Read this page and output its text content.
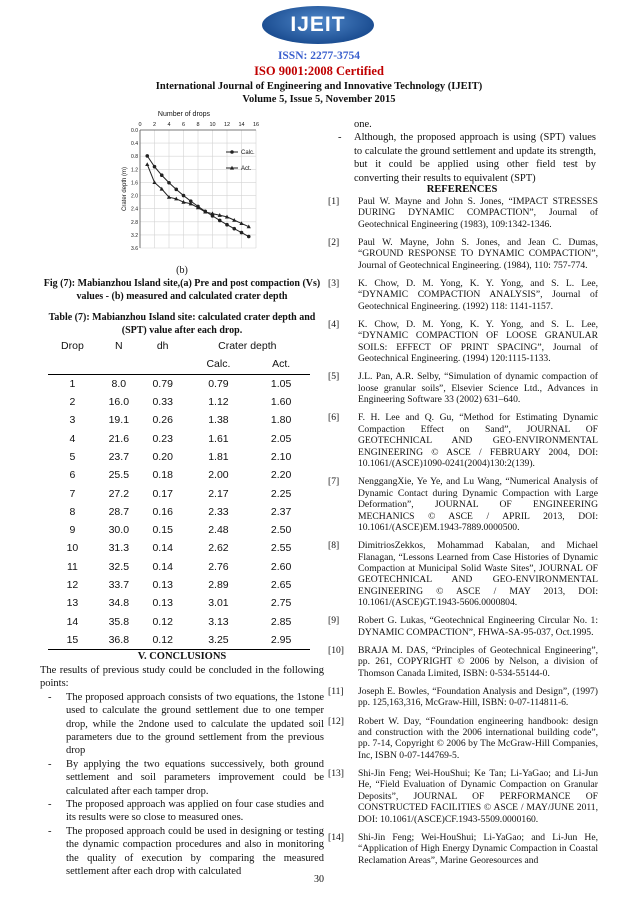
IJEIT
ISSN: 2277-3754
ISO 9001:2008 Certified
International Journal of Engineering and Innovative Technology (IJEIT)
Volume 5, Issue 5, November 2015
Number of drops
0 2 4 6 8 10 12 14 16
0.0
0.4
0.8
1.2
1.6
2.0
2.4
2.8
3.2
3.6
Crater depth (m)
Calc.
Act.
(b)
Fig (7): Mabianzhou Island site,(a) Pre and post compaction (Vs) values - (b) measured and calculated crater depth
Table (7): Mabianzhou Island site: calculated crater depth and (SPT) value after each drop.
Drop	N	dh	Crater depth	
			Calc.	Act.
1	8.0	0.79	0.79	1.05
2	16.0	0.33	1.12	1.60
3	19.1	0.26	1.38	1.80
4	21.6	0.23	1.61	2.05
5	23.7	0.20	1.81	2.10
6	25.5	0.18	2.00	2.20
7	27.2	0.17	2.17	2.25
8	28.7	0.16	2.33	2.37
9	30.0	0.15	2.48	2.50
10	31.3	0.14	2.62	2.55
11	32.5	0.14	2.76	2.60
12	33.7	0.13	2.89	2.65
13	34.8	0.13	3.01	2.75
14	35.8	0.12	3.13	2.85
15	36.8	0.12	3.25	2.95
V. CONCLUSIONS

The results of previous study could be concluded in the following points:

- The proposed approach consists of two equations, the 1stone used to calculate the ground settlement due to one temper drop, while the 2ndone used to calculate the updated soil parameters due to the ground settlement from the previous drop
- By applying the two equations successively, both ground settlement and soil parameters improvement could be calculated after each tamper drop.
- The proposed approach was applied on four case studies and its results were so close to measured ones.
- The proposed approach could be used in designing or testing the dynamic compaction procedures and also in monitoring the quality of execution by comparing the measured settlement after each drop with calculated
one.
- Although, the proposed approach is using (SPT) values to calculate the ground settlement and update its strength, but it could be applied using other field test by converting their results to equivalent (SPT)
REFERENCES
[1] Paul W. Mayne and John S. Jones, “IMPACT STRESSES DURING DYNAMIC COMPACTION”, Journal of Geotechnical Engineering (1983), 109:1342-1346.
[2] Paul W. Mayne, John S. Jones, and Jean C. Dumas, “GROUND RESPONSE TO DYNAMIC COMPACTION”, Journal of Geotechnical Engineering. (1984), 110: 757-774.
[3] K. Chow, D. M. Yong, K. Y. Yong, and S. L. Lee, “DYNAMIC COMPACTION ANALYSIS”, Journal of Geotechnical Engineering. (1992) 118: 1141-1157.
[4] K. Chow, D. M. Yong, K. Y. Yong, and S. L. Lee, “DYNAMIC COMPACTION OF LOOSE GRANULAR SOILS: EFFECT OF PRINT SPACING”, Journal of Geotechnical Engineering. (1994) 120:1115-1133.
[5] J.L. Pan, A.R. Selby, “Simulation of dynamic compaction of loose granular soils”, Elsevier Science Ltd., Advances in Engineering Software 33 (2002) 631–640.
[6] F. H. Lee and Q. Gu, “Method for Estimating Dynamic Compaction Effect on Sand”, JOURNAL OF GEOTECHNICAL AND GEO-ENVIRONMENTAL ENGINEERING © ASCE / FEBRUARY 2004, DOI: 10.1061/(ASCE)1090-0241(2004)130:2(139).
[7] NenggangXie, Ye Ye, and Lu Wang, “Numerical Analysis of Dynamic Contact during Dynamic Compaction with Large Deformation”, JOURNAL OF ENGINEERING MECHANICS © ASCE / APRIL 2013, DOI: 10.1061/(ASCE)EM.1943-7889.0000500.
[8] DimitriosZekkos, Mohammad Kabalan, and Michael Flanagan, “Lessons Learned from Case Histories of Dynamic Compaction at Municipal Solid Waste Sites”, JOURNAL OF GEOTECHNICAL AND GEO-ENVIRONMENTAL ENGINEERING © ASCE / MAY 2013, DOI: 10.1061/(ASCE)GT.1943-5606.0000804.
[9] Robert G. Lukas, “Geotechnical Engineering Circular No. 1: DYNAMIC COMPACTION”, FHWA-SA-95-037, Oct.1995.
[10] BRAJA M. DAS, “Principles of Geotechnical Engineering”, pp. 261, COPYRIGHT © 2006 by Nelson, a division of Thomson Canada Limited, ISBN: 0-534-55144-0.
[11] Joseph E. Bowles, “Foundation Analysis and Design”, (1997) pp. 125,163,316, McGraw-Hill, ISBN: 0-07-114811-6.
[12] Robert W. Day, “Foundation engineering handbook: design and construction with the 2006 international building code”, pp. 7-14, Copyright © 2006 by The McGraw-Hill Companies, Inc, ISBN 0-07-144769-5.
[13] Shi-Jin Feng; Wei-HouShui; Ke Tan; Li-YaGao; and Li-Jun He, “Field Evaluation of Dynamic Compaction on Granular Deposits”, JOURNAL OF PERFORMANCE OF CONSTRUCTED FACILITIES © ASCE / MAY/JUNE 2011, DOI: 10.1061/(ASCE)CF.1943-5509.0000160.
[14] Shi-Jin Feng; Wei-HouShui; Li-YaGao; and Li-Jun He, “Application of High Energy Dynamic Compaction in Coastal Reclamation Areas”, Marine Georesources and
30
